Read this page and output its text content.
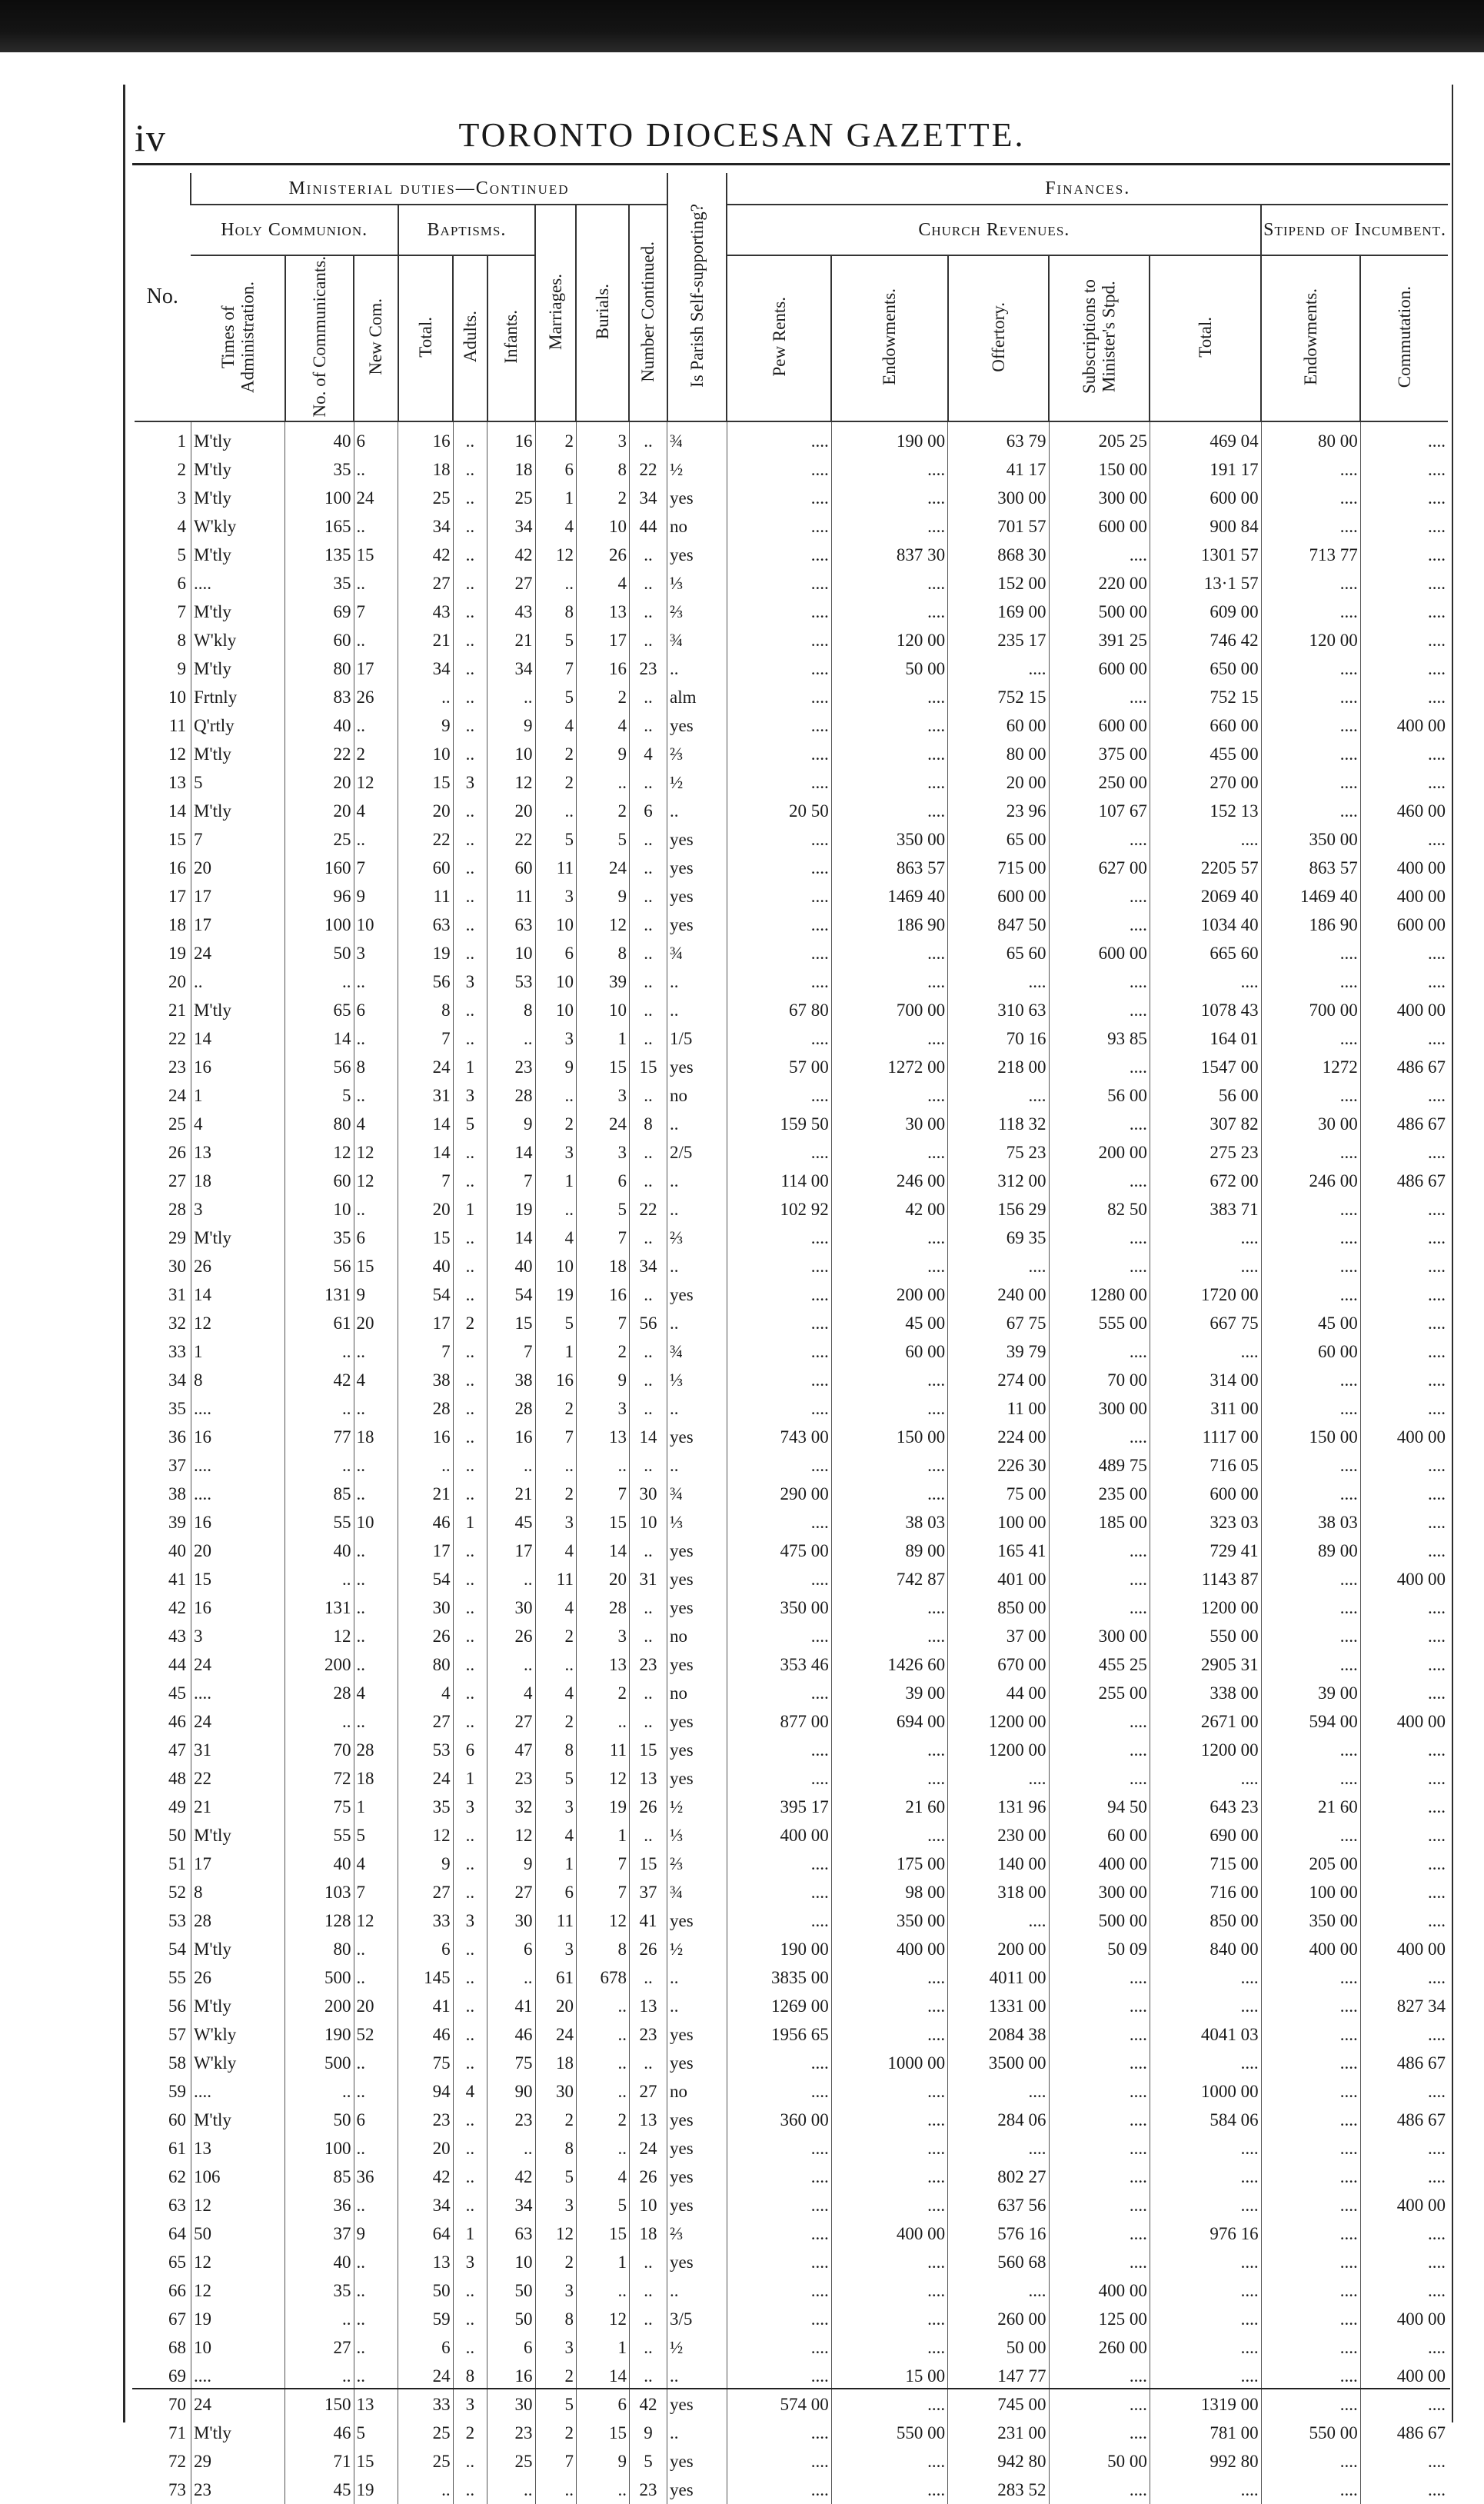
iv	TORONTO DIOCESAN GAZETTE.
No.	Ministerial duties—Continued									Is Parish Self-supporting?	Finances.						
	Holy Communion.			Baptisms.			Marriages.	Burials.	Number Continued.		Church Revenues.					Stipend of Incumbent.	
	Times of Administration.	No. of Communicants.	New Com.	Total.	Adults.	Infants.					Pew Rents.	Endowments.	Offertory.	Subscriptions to Minister's Stpd.	Total.	Endowments.	Commutation.
1	M'tly	40	6	16	..	16	2	3	..	¾	....	190 00	63 79	205 25	469 04	80 00	....
2	M'tly	35	..	18	..	18	6	8	22	½	....	....	41 17	150 00	191 17	....	....
3	M'tly	100	24	25	..	25	1	2	34	yes	....	....	300 00	300 00	600 00	....	....
4	W'kly	165	..	34	..	34	4	10	44	no	....	....	701 57	600 00	900 84	....	....
5	M'tly	135	15	42	..	42	12	26	..	yes	....	837 30	868 30	....	1301 57	713 77	....
6	....	35	..	27	..	27	..	4	..	⅓	....	....	152 00	220 00	13·1 57	....	....
7	M'tly	69	7	43	..	43	8	13	..	⅔	....	....	169 00	500 00	609 00	....	....
8	W'kly	60	..	21	..	21	5	17	..	¾	....	120 00	235 17	391 25	746 42	120 00	....
9	M'tly	80	17	34	..	34	7	16	23	..	....	50 00	....	600 00	650 00	....	....
10	Frtnly	83	26	..	..	..	5	2	..	alm	....	....	752 15	....	752 15	....	....
11	Q'rtly	40	..	9	..	9	4	4	..	yes	....	....	60 00	600 00	660 00	....	400 00
12	M'tly	22	2	10	..	10	2	9	4	⅔	....	....	80 00	375 00	455 00	....	....
13	5	20	12	15	3	12	2	..	..	½	....	....	20 00	250 00	270 00	....	....
14	M'tly	20	4	20	..	20	..	2	6	..	20 50	....	23 96	107 67	152 13	....	460 00
15	7	25	..	22	..	22	5	5	..	yes	....	350 00	65 00	....	....	350 00	....
16	20	160	7	60	..	60	11	24	..	yes	....	863 57	715 00	627 00	2205 57	863 57	400 00
17	17	96	9	11	..	11	3	9	..	yes	....	1469 40	600 00	....	2069 40	1469 40	400 00
18	17	100	10	63	..	63	10	12	..	yes	....	186 90	847 50	....	1034 40	186 90	600 00
19	24	50	3	19	..	10	6	8	..	¾	....	....	65 60	600 00	665 60	....	....
20	..	..	..	56	3	53	10	39	..	..	....	....	....	....	....	....	....
21	M'tly	65	6	8	..	8	10	10	..	..	67 80	700 00	310 63	....	1078 43	700 00	400 00
22	14	14	..	7	..	..	3	1	..	1/5	....	....	70 16	93 85	164 01	....	....
23	16	56	8	24	1	23	9	15	15	yes	57 00	1272 00	218 00	....	1547 00	1272	486 67
24	1	5	..	31	3	28	..	3	..	no	....	....	....	56 00	56 00	....	....
25	4	80	4	14	5	9	2	24	8	..	159 50	30 00	118 32	....	307 82	30 00	486 67
26	13	12	12	14	..	14	3	3	..	2/5	....	....	75 23	200 00	275 23	....	....
27	18	60	12	7	..	7	1	6	..	..	114 00	246 00	312 00	....	672 00	246 00	486 67
28	3	10	..	20	1	19	..	5	22	..	102 92	42 00	156 29	82 50	383 71	....	....
29	M'tly	35	6	15	..	14	4	7	..	⅔	....	....	69 35	....	....	....	....
30	26	56	15	40	..	40	10	18	34	..	....	....	....	....	....	....	....
31	14	131	9	54	..	54	19	16	..	yes	....	200 00	240 00	1280 00	1720 00	....	....
32	12	61	20	17	2	15	5	7	56	..	....	45 00	67 75	555 00	667 75	45 00	....
33	1	..	..	7	..	7	1	2	..	¾	....	60 00	39 79	....	....	60 00	....
34	8	42	4	38	..	38	16	9	..	⅓	....	....	274 00	70 00	314 00	....	....
35	....	..	..	28	..	28	2	3	..	..	....	....	11 00	300 00	311 00	....	....
36	16	77	18	16	..	16	7	13	14	yes	743 00	150 00	224 00	....	1117 00	150 00	400 00
37	....	..	..	..	..	..	..	..	..	..	....	....	226 30	489 75	716 05	....	....
38	....	85	..	21	..	21	2	7	30	¾	290 00	....	75 00	235 00	600 00	....	....
39	16	55	10	46	1	45	3	15	10	⅓	....	38 03	100 00	185 00	323 03	38 03	....
40	20	40	..	17	..	17	4	14	..	yes	475 00	89 00	165 41	....	729 41	89 00	....
41	15	..	..	54	..	..	11	20	31	yes	....	742 87	401 00	....	1143 87	....	400 00
42	16	131	..	30	..	30	4	28	..	yes	350 00	....	850 00	....	1200 00	....	....
43	3	12	..	26	..	26	2	3	..	no	....	....	37 00	300 00	550 00	....	....
44	24	200	..	80	..	..	..	13	23	yes	353 46	1426 60	670 00	455 25	2905 31	....	....
45	....	28	4	4	..	4	4	2	..	no	....	39 00	44 00	255 00	338 00	39 00	....
46	24	..	..	27	..	27	2	..	..	yes	877 00	694 00	1200 00	....	2671 00	594 00	400 00
47	31	70	28	53	6	47	8	11	15	yes	....	....	1200 00	....	1200 00	....	....
48	22	72	18	24	1	23	5	12	13	yes	....	....	....	....	....	....	....
49	21	75	1	35	3	32	3	19	26	½	395 17	21 60	131 96	94 50	643 23	21 60	....
50	M'tly	55	5	12	..	12	4	1	..	⅓	400 00	....	230 00	60 00	690 00	....	....
51	17	40	4	9	..	9	1	7	15	⅔	....	175 00	140 00	400 00	715 00	205 00	....
52	8	103	7	27	..	27	6	7	37	¾	....	98 00	318 00	300 00	716 00	100 00	....
53	28	128	12	33	3	30	11	12	41	yes	....	350 00	....	500 00	850 00	350 00	....
54	M'tly	80	..	6	..	6	3	8	26	½	190 00	400 00	200 00	50 09	840 00	400 00	400 00
55	26	500	..	145	..	..	61	678	..	..	3835 00	....	4011 00	....	....	....	....
56	M'tly	200	20	41	..	41	20	..	13	..	1269 00	....	1331 00	....	....	....	827 34
57	W'kly	190	52	46	..	46	24	..	23	yes	1956 65	....	2084 38	....	4041 03	....	....
58	W'kly	500	..	75	..	75	18	..	..	yes	....	1000 00	3500 00	....	....	....	486 67
59	....	..	..	94	4	90	30	..	27	no	....	....	....	....	1000 00	....	....
60	M'tly	50	6	23	..	23	2	2	13	yes	360 00	....	284 06	....	584 06	....	486 67
61	13	100	..	20	..	..	8	..	24	yes	....	....	....	....	....	....	....
62	106	85	36	42	..	42	5	4	26	yes	....	....	802 27	....	....	....	....
63	12	36	..	34	..	34	3	5	10	yes	....	....	637 56	....	....	....	400 00
64	50	37	9	64	1	63	12	15	18	⅔	....	400 00	576 16	....	976 16	....	....
65	12	40	..	13	3	10	2	1	..	yes	....	....	560 68	....	....	....	....
66	12	35	..	50	..	50	3	..	..	..	....	....	....	400 00	....	....	....
67	19	..	..	59	..	50	8	12	..	3/5	....	....	260 00	125 00	....	....	400 00
68	10	27	..	6	..	6	3	1	..	½	....	....	50 00	260 00	....	....	....
69	....	..	..	24	8	16	2	14	..	..	....	15 00	147 77	....	....	....	400 00
70	24	150	13	33	3	30	5	6	42	yes	574 00	....	745 00	....	1319 00	....	....
71	M'tly	46	5	25	2	23	2	15	9	..	....	550 00	231 00	....	781 00	550 00	486 67
72	29	71	15	25	..	25	7	9	5	yes	....	....	942 80	50 00	992 80	....	....
73	23	45	19	..	..	..	..	..	23	yes	....	....	283 52	....	....	....	....
